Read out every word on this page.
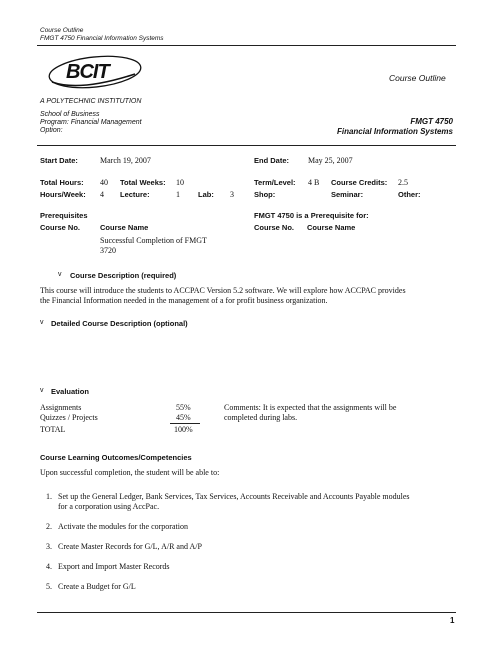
Course Outline
FMGT 4750 Financial Information Systems
BCIT
A POLYTECHNIC INSTITUTION
Course Outline
School of Business
Program: Financial Management
Option:
FMGT 4750
Financial Information Systems
Start Date:	March 19, 2007	End Date: May 25, 2007
Total Hours: 40 Total Weeks: 10	Term/Level: 4 B Course Credits: 2.5
Hours/Week: 4 Lecture:	1 Lab: 3	Shop:	Seminar:	Other:
Prerequisites	FMGT 4750 is a Prerequisite for:
Course No.	Course Name	Course No. Course Name
Successful Completion of FMGT
3720
v Course Description (required)
This course will introduce the students to ACCPAC Version 5.2 software. We will explore how ACCPAC provides
the Financial Information needed in the management of a for profit business organization.
v Detailed Course Description (optional)
v Evaluation
Assignments	55%
Quizzes / Projects	45%
TOTAL	100%
Comments: It is expected that the assignments will be
completed during labs.
Course Learning Outcomes/Competencies
Upon successful completion, the student will be able to:
1. Set up the General Ledger, Bank Services, Tax Services, Accounts Receivable and Accounts Payable modules
for a corporation using AccPac.
2. Activate the modules for the corporation
3. Create Master Records for G/L, A/R and A/P
4. Export and Import Master Records
5. Create a Budget for G/L
1
